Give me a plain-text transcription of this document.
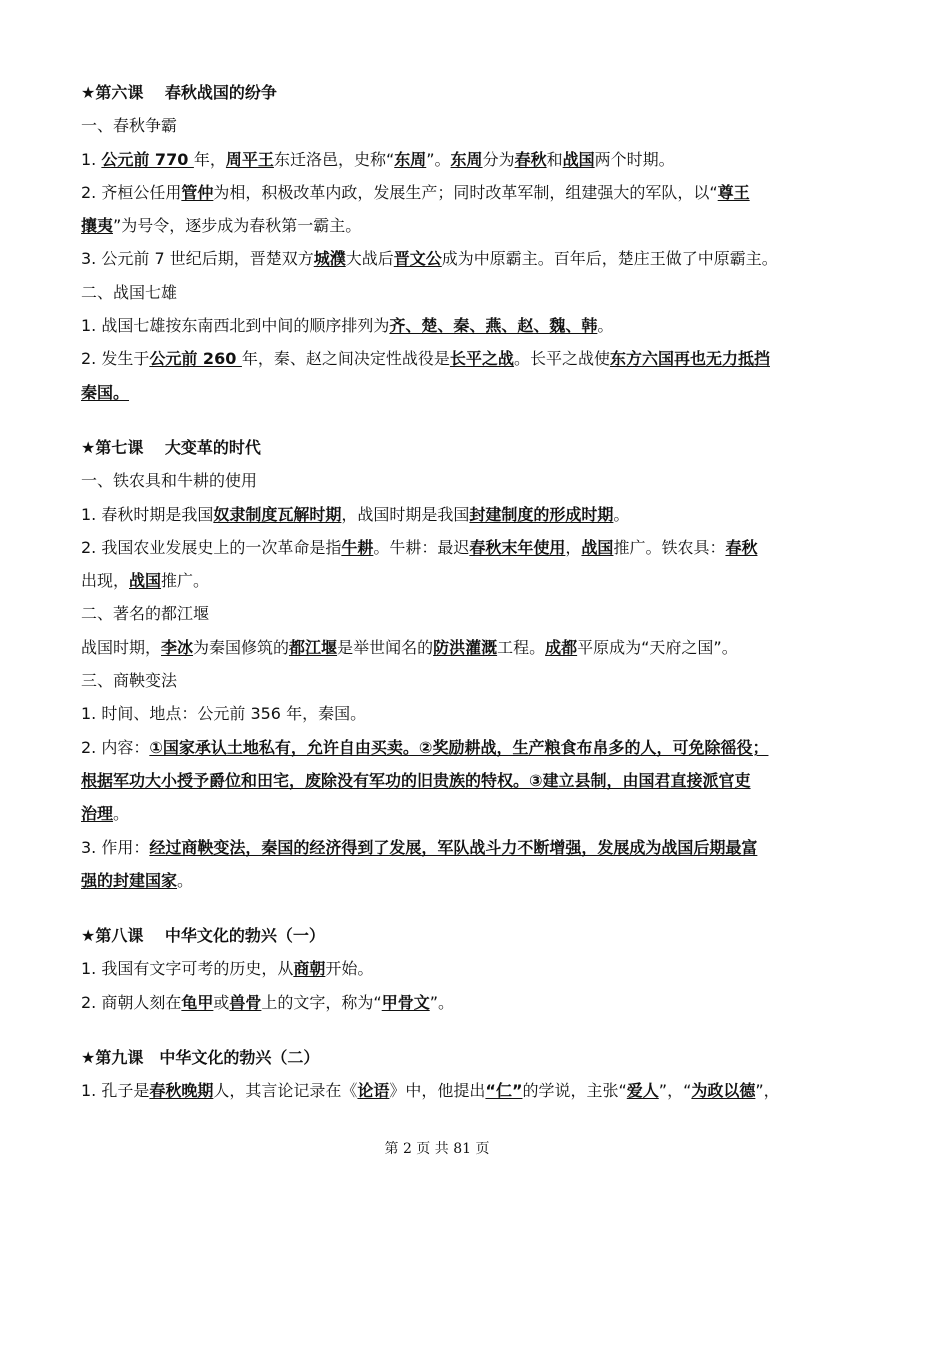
★第六课　 春秋战国的纷争
一、春秋争霸
1. 公元前 770 年，周平王东迁洛邑，史称“东周”。东周分为春秋和战国两个时期。
2. 齐桓公任用管仲为相，积极改革内政，发展生产；同时改革军制，组建强大的军队，以“尊王
攘夷”为号令，逐步成为春秋第一霸主。
3. 公元前 7 世纪后期，晋楚双方城濮大战后晋文公成为中原霸主。百年后，楚庄王做了中原霸主。
二、战国七雄
1. 战国七雄按东南西北到中间的顺序排列为齐、楚、秦、燕、赵、魏、韩。
2. 发生于公元前 260 年，秦、赵之间决定性战役是长平之战。长平之战使东方六国再也无力抵挡
秦国。
★第七课　 大变革的时代
一、铁农具和牛耕的使用
1. 春秋时期是我国奴隶制度瓦解时期，战国时期是我国封建制度的形成时期。
2. 我国农业发展史上的一次革命是指牛耕。牛耕：最迟春秋末年使用，战国推广。铁农具：春秋
出现，战国推广。
二、著名的都江堰
战国时期，李冰为秦国修筑的都江堰是举世闻名的防洪灌溉工程。成都平原成为“天府之国”。
三、商鞅变法
1. 时间、地点：公元前 356 年，秦国。
2. 内容：①国家承认土地私有，允许自由买卖。②奖励耕战，生产粮食布帛多的人，可免除徭役；
根据军功大小授予爵位和田宅，废除没有军功的旧贵族的特权。③建立县制，由国君直接派官吏
治理。
3. 作用：经过商鞅变法，秦国的经济得到了发展，军队战斗力不断增强，发展成为战国后期最富
强的封建国家。
★第八课　 中华文化的勃兴（一）
1. 我国有文字可考的历史，从商朝开始。
2. 商朝人刻在龟甲或兽骨上的文字，称为“甲骨文”。
★第九课　中华文化的勃兴（二）
1. 孔子是春秋晚期人，其言论记录在《论语》中，他提出“仁”的学说，主张“爱人”，“为政以德”，
第 2 页 共 81 页
